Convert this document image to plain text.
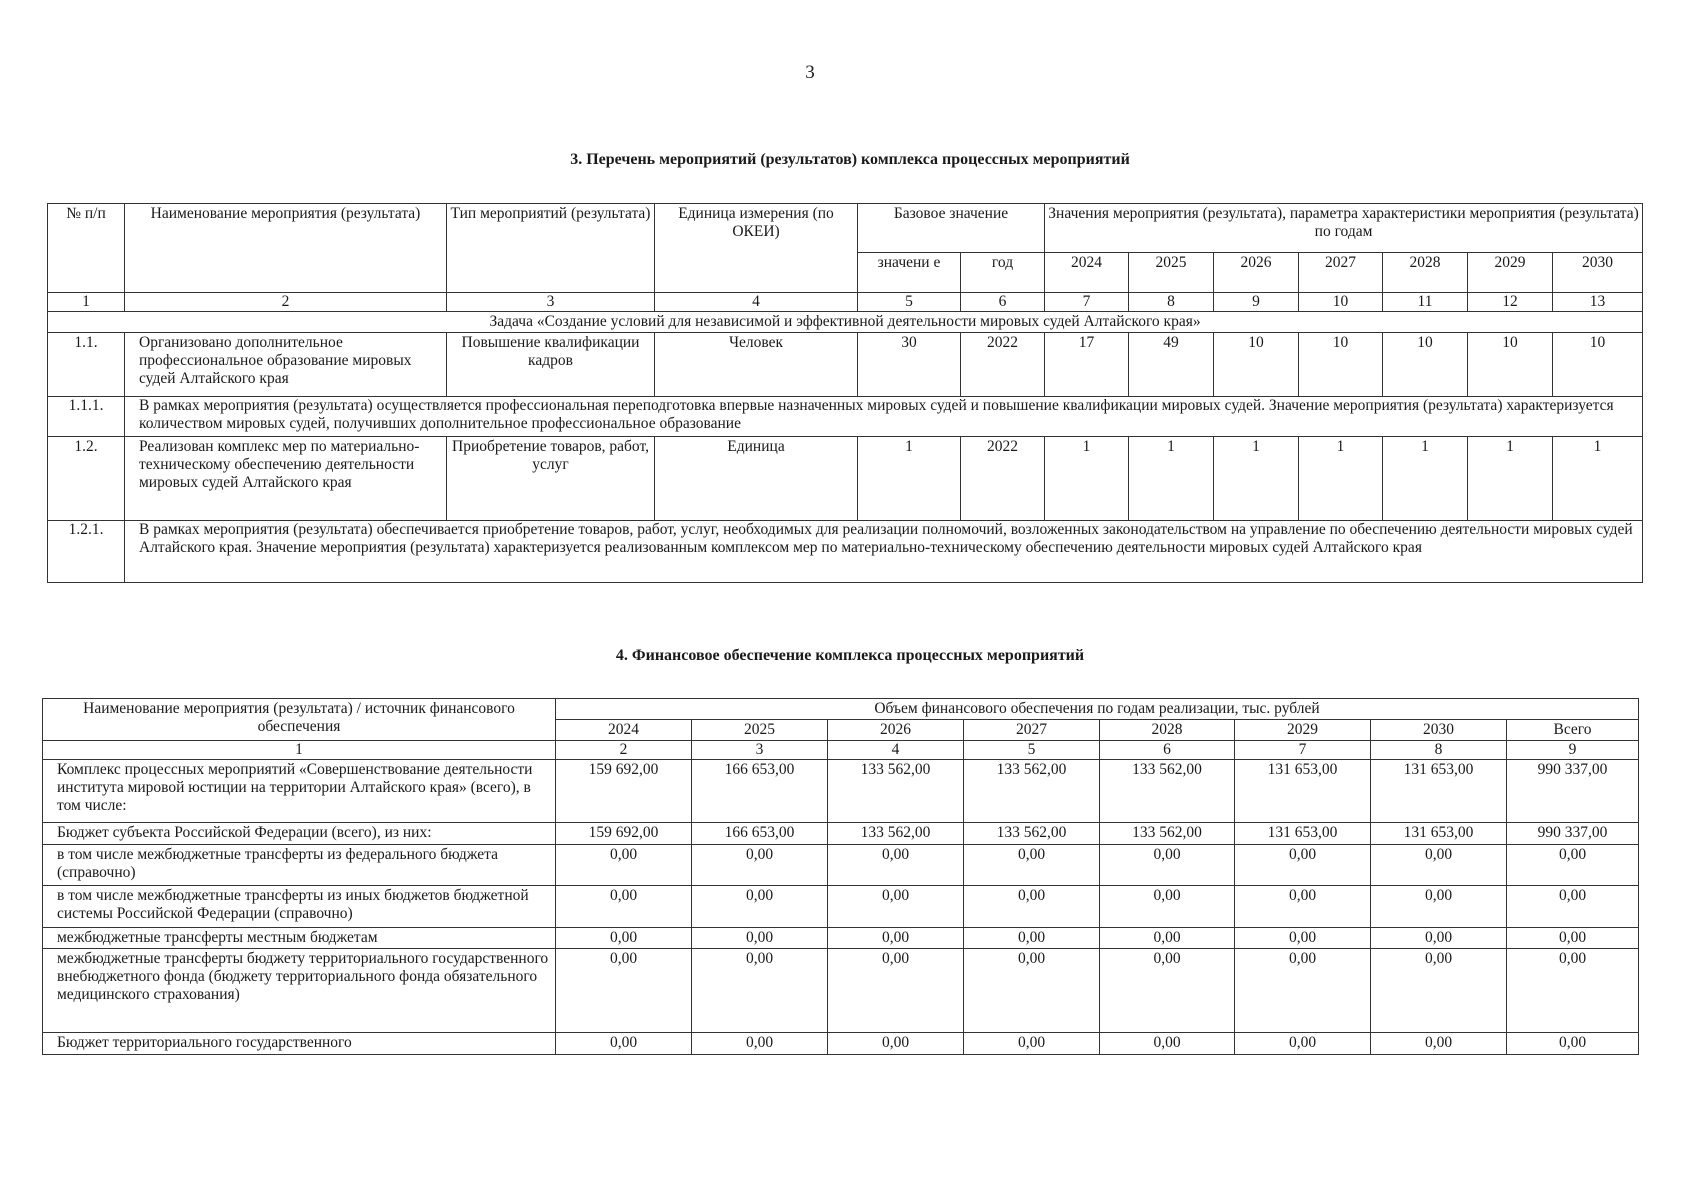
3
3. Перечень мероприятий (результатов) комплекса процессных мероприятий
№ п/п	Наименование мероприятия (результата)	Тип мероприятий (результата)	Единица измерения (по ОКЕИ)	Базовое значение		Значения мероприятия (результата), параметра характеристики мероприятия (результата) по годам						
				значени е	год	2024	2025	2026	2027	2028	2029	2030
1	2	3	4	5	6	7	8	9	10	11	12	13
Задача «Создание условий для независимой и эффективной деятельности мировых судей Алтайского края»												
1.1.	Организовано дополнительное профессиональное образование мировых судей Алтайского края	Повышение квалификации кадров	Человек	30	2022	17	49	10	10	10	10	10
1.1.1.	В рамках мероприятия (результата) осуществляется профессиональная переподготовка впервые назначенных мировых судей и повышение квалификации мировых судей. Значение мероприятия (результата) характеризуется количеством мировых судей, получивших дополнительное профессиональное образование											
1.2.	Реализован комплекс мер по материально-техническому обеспечению деятельности мировых судей Алтайского края	Приобретение товаров, работ, услуг	Единица	1	2022	1	1	1	1	1	1	1
1.2.1.	В рамках мероприятия (результата) обеспечивается приобретение товаров, работ, услуг, необходимых для реализации полномочий, возложенных законодательством на управление по обеспечению деятельности мировых судей Алтайского края. Значение мероприятия (результата) характеризуется реализованным комплексом мер по материально-техническому обеспечению деятельности мировых судей Алтайского края											
4. Финансовое обеспечение комплекса процессных мероприятий
Наименование мероприятия (результата) / источник финансового обеспечения	Объем финансового обеспечения по годам реализации, тыс. рублей							
	2024	2025	2026	2027	2028	2029	2030	Всего
1	2	3	4	5	6	7	8	9
Комплекс процессных мероприятий «Совершенствование деятельности института мировой юстиции на территории Алтайского края» (всего), в том числе:	159 692,00	166 653,00	133 562,00	133 562,00	133 562,00	131 653,00	131 653,00	990 337,00
Бюджет субъекта Российской Федерации (всего), из них:	159 692,00	166 653,00	133 562,00	133 562,00	133 562,00	131 653,00	131 653,00	990 337,00
в том числе межбюджетные трансферты из федерального бюджета (справочно)	0,00	0,00	0,00	0,00	0,00	0,00	0,00	0,00
в том числе межбюджетные трансферты из иных бюджетов бюджетной системы Российской Федерации (справочно)	0,00	0,00	0,00	0,00	0,00	0,00	0,00	0,00
межбюджетные трансферты местным бюджетам	0,00	0,00	0,00	0,00	0,00	0,00	0,00	0,00
межбюджетные трансферты бюджету территориального государственного внебюджетного фонда (бюджету территориального фонда обязательного медицинского страхования)	0,00	0,00	0,00	0,00	0,00	0,00	0,00	0,00
Бюджет территориального государственного	0,00	0,00	0,00	0,00	0,00	0,00	0,00	0,00
